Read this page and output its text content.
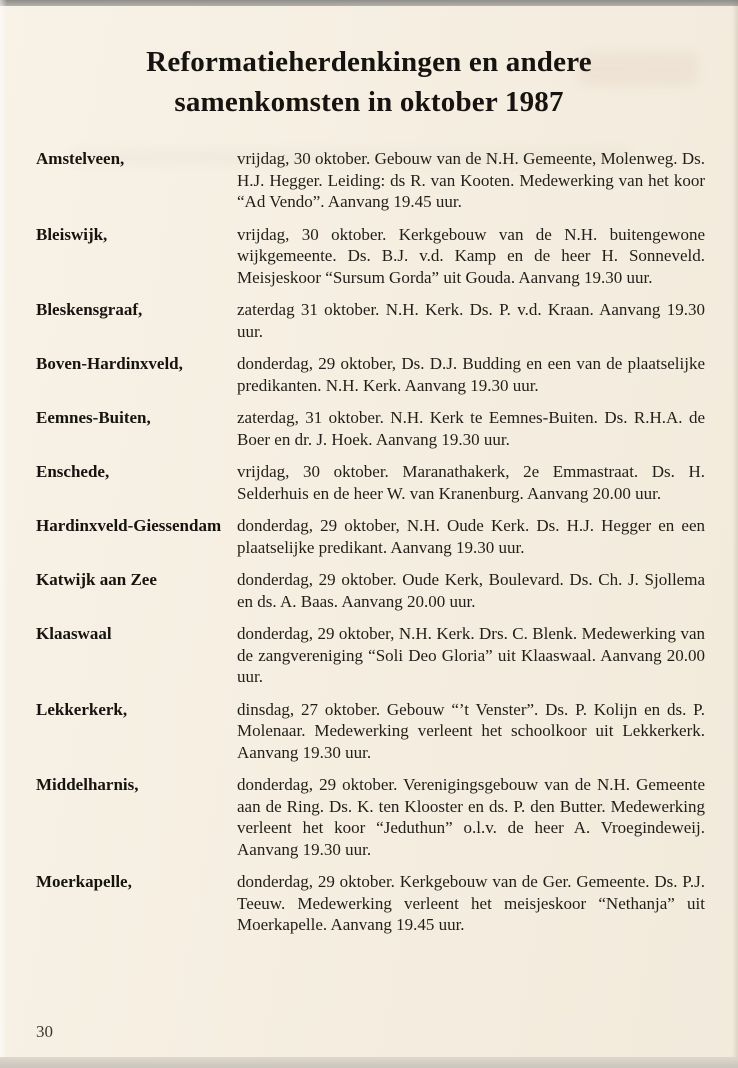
Reformatieherdenkingen en andere
samenkomsten in oktober 1987
Amstelveen,	vrijdag, 30 oktober. Gebouw van de N.H. Gemeente, Molenweg. Ds. H.J. Hegger. Leiding: ds R. van Kooten. Medewerking van het koor “Ad Vendo”. Aanvang 19.45 uur.
Bleiswijk,	vrijdag, 30 oktober. Kerkgebouw van de N.H. buitengewone wijkgemeente. Ds. B.J. v.d. Kamp en de heer H. Sonneveld. Meisjeskoor “Sursum Gorda” uit Gouda. Aanvang 19.30 uur.
Bleskensgraaf,	zaterdag 31 oktober. N.H. Kerk. Ds. P. v.d. Kraan. Aanvang 19.30 uur.
Boven-Hardinxveld,	donderdag, 29 oktober, Ds. D.J. Budding en een van de plaatselijke predikanten. N.H. Kerk. Aanvang 19.30 uur.
Eemnes-Buiten,	zaterdag, 31 oktober. N.H. Kerk te Eemnes-Buiten. Ds. R.H.A. de Boer en dr. J. Hoek. Aanvang 19.30 uur.
Enschede,	vrijdag, 30 oktober. Maranathakerk, 2e Emmastraat. Ds. H. Selderhuis en de heer W. van Kranenburg. Aanvang 20.00 uur.
Hardinxveld-Giessendam donderdag, 29 oktober, N.H. Oude Kerk. Ds. H.J. Hegger en een plaatselijke predikant. Aanvang 19.30 uur.
Katwijk aan Zee	donderdag, 29 oktober. Oude Kerk, Boulevard. Ds. Ch. J. Sjollema en ds. A. Baas. Aanvang 20.00 uur.
Klaaswaal	donderdag, 29 oktober, N.H. Kerk. Drs. C. Blenk. Medewerking van de zangvereniging “Soli Deo Gloria” uit Klaaswaal. Aanvang 20.00 uur.
Lekkerkerk,	dinsdag, 27 oktober. Gebouw “’t Venster”. Ds. P. Kolijn en ds. P. Molenaar. Medewerking verleent het schoolkoor uit Lekkerkerk. Aanvang 19.30 uur.
Middelharnis,	donderdag, 29 oktober. Verenigingsgebouw van de N.H. Gemeente aan de Ring. Ds. K. ten Klooster en ds. P. den Butter. Medewerking verleent het koor “Jeduthun” o.l.v. de heer A. Vroegindeweij. Aanvang 19.30 uur.
Moerkapelle,	donderdag, 29 oktober. Kerkgebouw van de Ger. Gemeente. Ds. P.J. Teeuw. Medewerking verleent het meisjeskoor “Nethanja” uit Moerkapelle. Aanvang 19.45 uur.
30
